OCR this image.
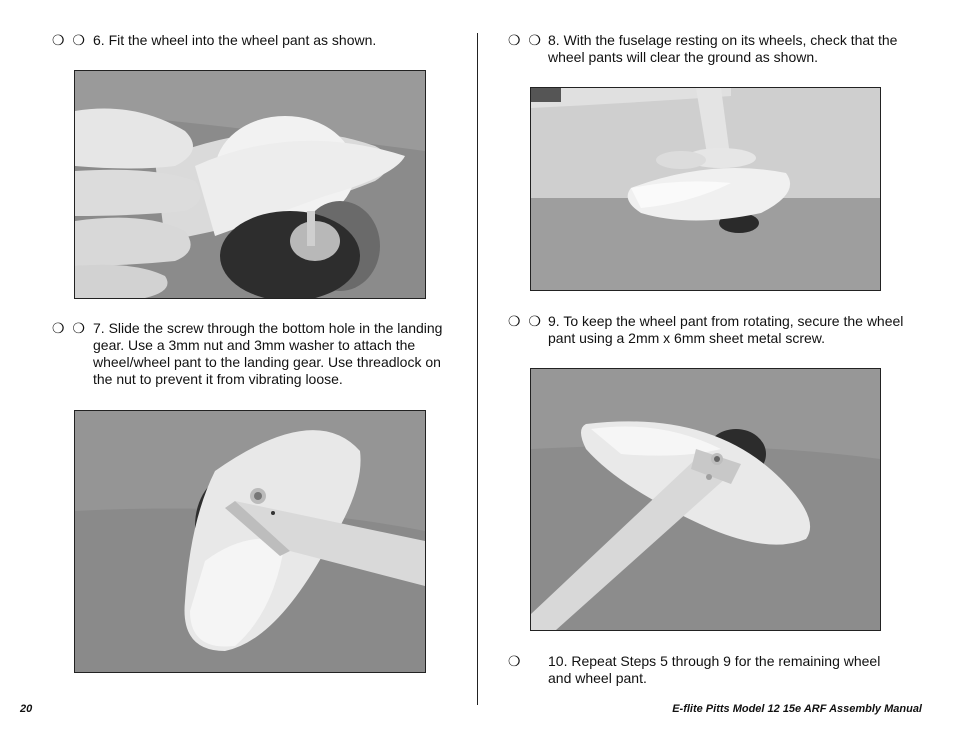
❍ ❍ 6. Fit the wheel into the wheel pant as shown.
❍ ❍ 7. Slide the screw through the bottom hole in the landing gear. Use a 3mm nut and 3mm washer to attach the wheel/wheel pant to the landing gear. Use threadlock on the nut to prevent it from vibrating loose.
❍ ❍ 8. With the fuselage resting on its wheels, check that the wheel pants will clear the ground as shown.
❍ ❍ 9. To keep the wheel pant from rotating, secure the wheel pant using a 2mm x 6mm sheet metal screw.
❍ 10. Repeat Steps 5 through 9 for the remaining wheel and wheel pant.
20	E-flite Pitts Model 12 15e ARF Assembly Manual
